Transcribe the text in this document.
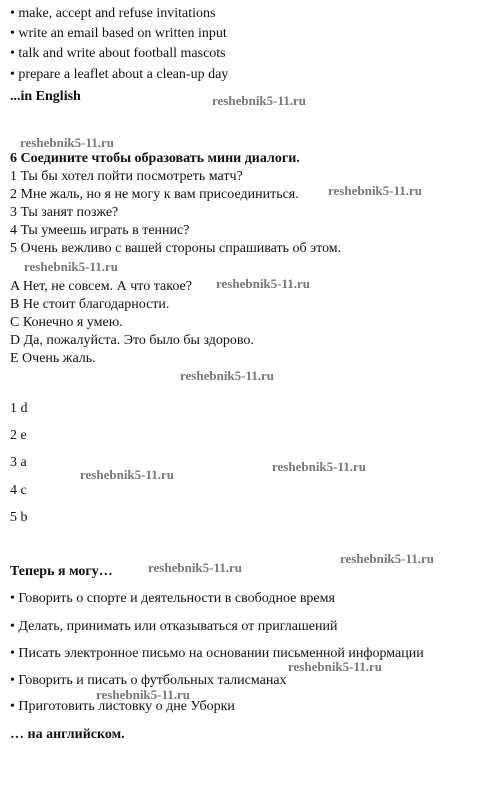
• make, accept and refuse invitations
• write an email based on written input
• talk and write about football mascots
• prepare a leaflet about a clean-up day
...in English
6 Соедините чтобы образовать мини диалоги.
1 Ты бы хотел пойти посмотреть матч?
2 Мне жаль, но я не могу к вам присоединиться.
3 Ты занят позже?
4 Ты умеешь играть в теннис?
5 Очень вежливо с вашей стороны спрашивать об этом.
A Нет, не совсем. А что такое?
B Не стоит благодарности.
C Конечно я умею.
D Да, пожалуйста. Это было бы здорово.
E Очень жаль.
1 d
2 e
3 a
4 c
5 b
Теперь я могу…
• Говорить о спорте и деятельности в свободное время
• Делать, принимать или отказываться от приглашений
• Писать электронное письмо на основании письменной информации
• Говорить и писать о футбольных талисманах
• Приготовить листовку о дне Уборки
… на английском.
reshebnik5-11.ru
reshebnik5-11.ru
reshebnik5-11.ru
reshebnik5-11.ru
reshebnik5-11.ru
reshebnik5-11.ru
reshebnik5-11.ru
reshebnik5-11.ru
reshebnik5-11.ru
reshebnik5-11.ru
reshebnik5-11.ru
reshebnik5-11.ru
